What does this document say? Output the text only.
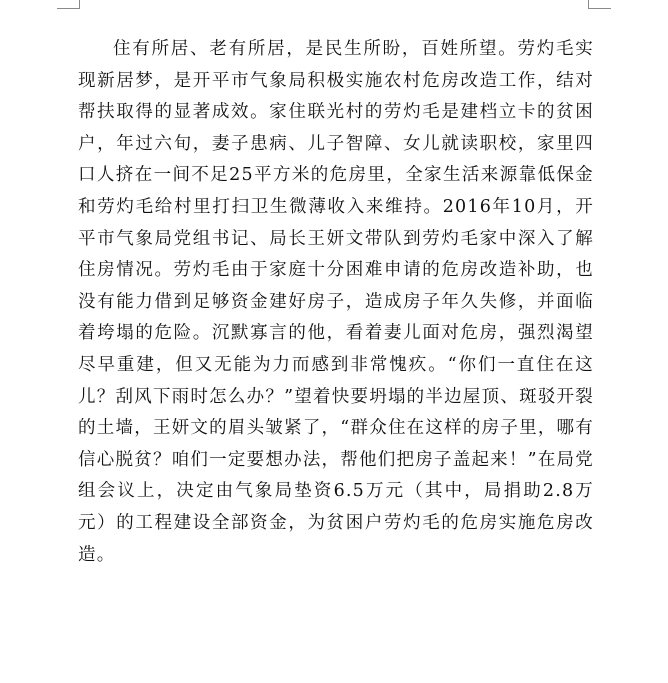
住有所居、老有所居，是民生所盼，百姓所望。劳灼毛实现新居梦，是开平市气象局积极实施农村危房改造工作，结对帮扶取得的显著成效。家住联光村的劳灼毛是建档立卡的贫困户，年过六旬，妻子患病、儿子智障、女儿就读职校，家里四口人挤在一间不足25平方米的危房里，全家生活来源靠低保金和劳灼毛给村里打扫卫生微薄收入来维持。2016年10月，开平市气象局党组书记、局长王妍文带队到劳灼毛家中深入了解住房情况。劳灼毛由于家庭十分困难申请的危房改造补助，也没有能力借到足够资金建好房子，造成房子年久失修，并面临着垮塌的危险。沉默寡言的他，看着妻儿面对危房，强烈渴望尽早重建，但又无能为力而感到非常愧疚。“你们一直住在这儿？刮风下雨时怎么办？”望着快要坍塌的半边屋顶、斑驳开裂的土墙，王妍文的眉头皱紧了，“群众住在这样的房子里，哪有信心脱贫？咱们一定要想办法，帮他们把房子盖起来！”在局党组会议上，决定由气象局垫资6.5万元（其中，局捐助2.8万元）的工程建设全部资金，为贫困户劳灼毛的危房实施危房改造。
